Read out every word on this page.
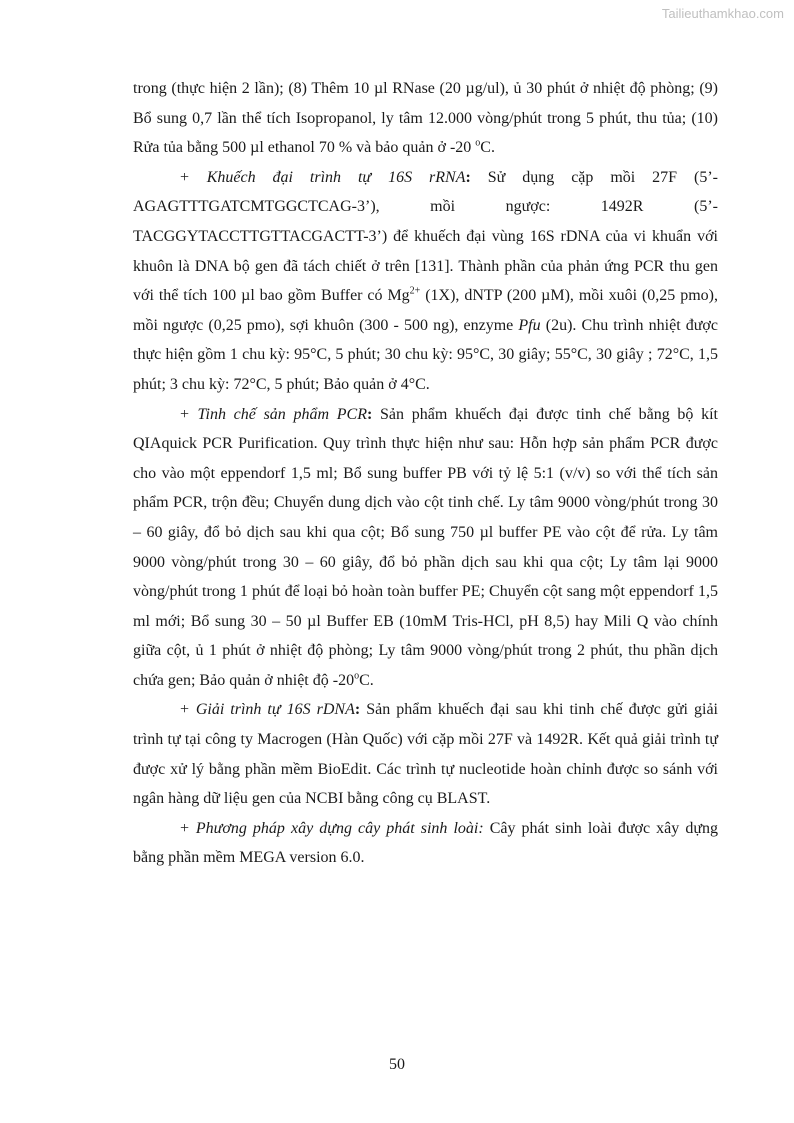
Tailieuthamkhao.com

trong (thực hiện 2 lần); (8) Thêm 10 µl RNase (20 µg/ul), ủ 30 phút ở nhiệt độ phòng; (9) Bổ sung 0,7 lần thể tích Isopropanol, ly tâm 12.000 vòng/phút trong 5 phút, thu tủa; (10) Rửa tủa bằng 500 µl ethanol 70 % và bảo quản ở -20 $^o$C.

+ Khuếch đại trình tự 16S rRNA: Sử dụng cặp mồi 27F (5’-AGAGTTTGATCMTGGCTCAG-3’), mồi ngược: 1492R (5’-TACGGYTACCTTGTTACGACTT-3’) để khuếch đại vùng 16S rDNA của vi khuẩn với khuôn là DNA bộ gen đã tách chiết ở trên [131]. Thành phần của phản ứng PCR thu gen với thể tích 100 µl bao gồm Buffer có $Mg^{2+}$ (1X), dNTP (200 µM), mồi xuôi (0,25 pmo), mồi ngược (0,25 pmo), sợi khuôn (300 - 500 ng), enzyme Pfu (2u). Chu trình nhiệt được thực hiện gồm 1 chu kỳ: 95°C, 5 phút; 30 chu kỳ: 95°C, 30 giây; 55°C, 30 giây ; 72°C, 1,5 phút; 3 chu kỳ: 72°C, 5 phút; Bảo quản ở 4°C.

+ Tinh chế sản phẩm PCR: Sản phẩm khuếch đại được tinh chế bằng bộ kít QIAquick PCR Purification. Quy trình thực hiện như sau: Hỗn hợp sản phẩm PCR được cho vào một eppendorf 1,5 ml; Bổ sung buffer PB với tỷ lệ 5:1 (v/v) so với thể tích sản phẩm PCR, trộn đều; Chuyển dung dịch vào cột tinh chế. Ly tâm 9000 vòng/phút trong 30 – 60 giây, đổ bỏ dịch sau khi qua cột; Bổ sung 750 µl buffer PE vào cột để rửa. Ly tâm 9000 vòng/phút trong 30 – 60 giây, đổ bỏ phần dịch sau khi qua cột; Ly tâm lại 9000 vòng/phút trong 1 phút để loại bỏ hoàn toàn buffer PE; Chuyển cột sang một eppendorf 1,5 ml mới; Bổ sung 30 – 50 µl Buffer EB (10mM Tris-HCl, pH 8,5) hay Mili Q vào chính giữa cột, ủ 1 phút ở nhiệt độ phòng; Ly tâm 9000 vòng/phút trong 2 phút, thu phần dịch chứa gen; Bảo quản ở nhiệt độ -20$^o$C.

+ Giải trình tự 16S rDNA: Sản phẩm khuếch đại sau khi tinh chế được gửi giải trình tự tại công ty Macrogen (Hàn Quốc) với cặp mồi 27F và 1492R. Kết quả giải trình tự được xử lý bằng phần mềm BioEdit. Các trình tự nucleotide hoàn chỉnh được so sánh với ngân hàng dữ liệu gen của NCBI bằng công cụ BLAST.

+ Phương pháp xây dựng cây phát sinh loài: Cây phát sinh loài được xây dựng bằng phần mềm MEGA version 6.0.

50
